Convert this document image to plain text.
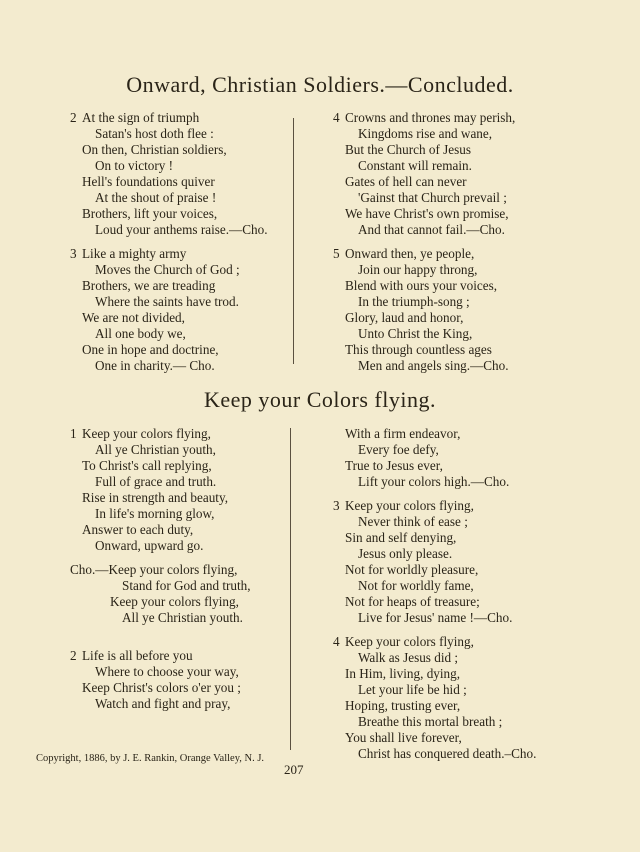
Onward, Christian Soldiers.—Concluded.
2 At the sign of triumph
Satan's host doth flee :
On then, Christian soldiers,
On to victory !
Hell's foundations quiver
At the shout of praise !
Brothers, lift your voices,
Loud your anthems raise.—Cho.
3 Like a mighty army
Moves the Church of God ;
Brothers, we are treading
Where the saints have trod.
We are not divided,
All one body we,
One in hope and doctrine,
One in charity.— Cho.
4 Crowns and thrones may perish,
Kingdoms rise and wane,
But the Church of Jesus
Constant will remain.
Gates of hell can never
'Gainst that Church prevail ;
We have Christ's own promise,
And that cannot fail.—Cho.
5 Onward then, ye people,
Join our happy throng,
Blend with ours your voices,
In the triumph-song ;
Glory, laud and honor,
Unto Christ the King,
This through countless ages
Men and angels sing.—Cho.
Keep your Colors flying.
1 Keep your colors flying,
All ye Christian youth,
To Christ's call replying,
Full of grace and truth.
Rise in strength and beauty,
In life's morning glow,
Answer to each duty,
Onward, upward go.
Cho.—Keep your colors flying,
Stand for God and truth,
Keep your colors flying,
All ye Christian youth.
2 Life is all before you
Where to choose your way,
Keep Christ's colors o'er you ;
Watch and fight and pray,
With a firm endeavor,
Every foe defy,
True to Jesus ever,
Lift your colors high.—Cho.
3 Keep your colors flying,
Never think of ease ;
Sin and self denying,
Jesus only please.
Not for worldly pleasure,
Not for worldly fame,
Not for heaps of treasure;
Live for Jesus' name !—Cho.
4 Keep your colors flying,
Walk as Jesus did ;
In Him, living, dying,
Let your life be hid ;
Hoping, trusting ever,
Breathe this mortal breath ;
You shall live forever,
Christ has conquered death.–Cho.
Copyright, 1886, by J. E. Rankin, Orange Valley, N. J.
207
